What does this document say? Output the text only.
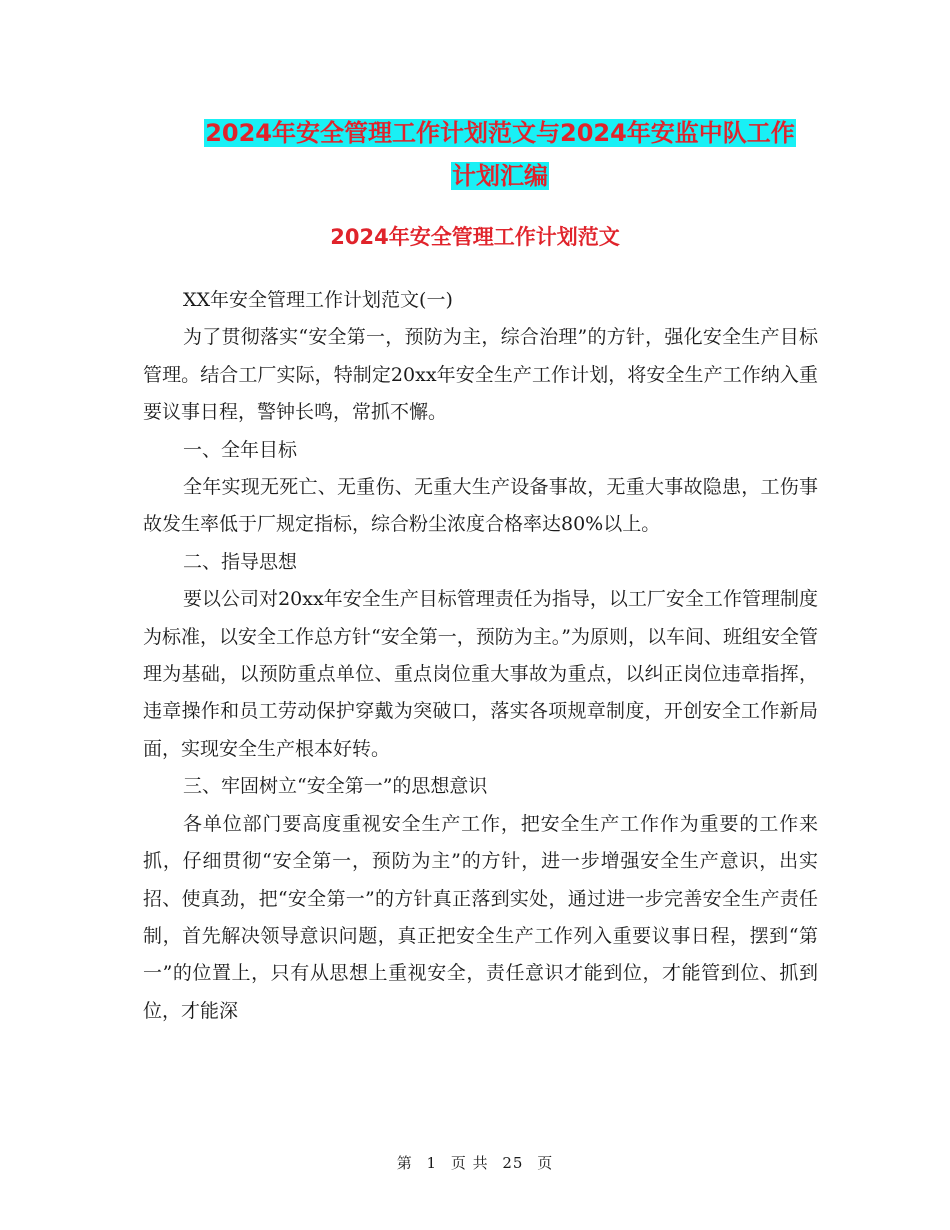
2024年安全管理工作计划范文与2024年安监中队工作
计划汇编
2024年安全管理工作计划范文

XX年安全管理工作计划范文(一)

为了贯彻落实“安全第一，预防为主，综合治理”的方针，强化安全生产目标管理。结合工厂实际，特制定20xx年安全生产工作计划，将安全生产工作纳入重要议事日程，警钟长鸣，常抓不懈。

一、全年目标

全年实现无死亡、无重伤、无重大生产设备事故，无重大事故隐患，工伤事故发生率低于厂规定指标，综合粉尘浓度合格率达80%以上。

二、指导思想

要以公司对20xx年安全生产目标管理责任为指导，以工厂安全工作管理制度为标准，以安全工作总方针“安全第一，预防为主。”为原则，以车间、班组安全管理为基础，以预防重点单位、重点岗位重大事故为重点，以纠正岗位违章指挥，违章操作和员工劳动保护穿戴为突破口，落实各项规章制度，开创安全工作新局面，实现安全生产根本好转。

三、牢固树立“安全第一”的思想意识

各单位部门要高度重视安全生产工作，把安全生产工作作为重要的工作来抓，仔细贯彻“安全第一，预防为主”的方针，进一步增强安全生产意识，出实招、使真劲，把“安全第一”的方针真正落到实处，通过进一步完善安全生产责任制，首先解决领导意识问题，真正把安全生产工作列入重要议事日程，摆到“第一”的位置上，只有从思想上重视安全，责任意识才能到位，才能管到位、抓到位，才能深

第 1 页 共 25 页
